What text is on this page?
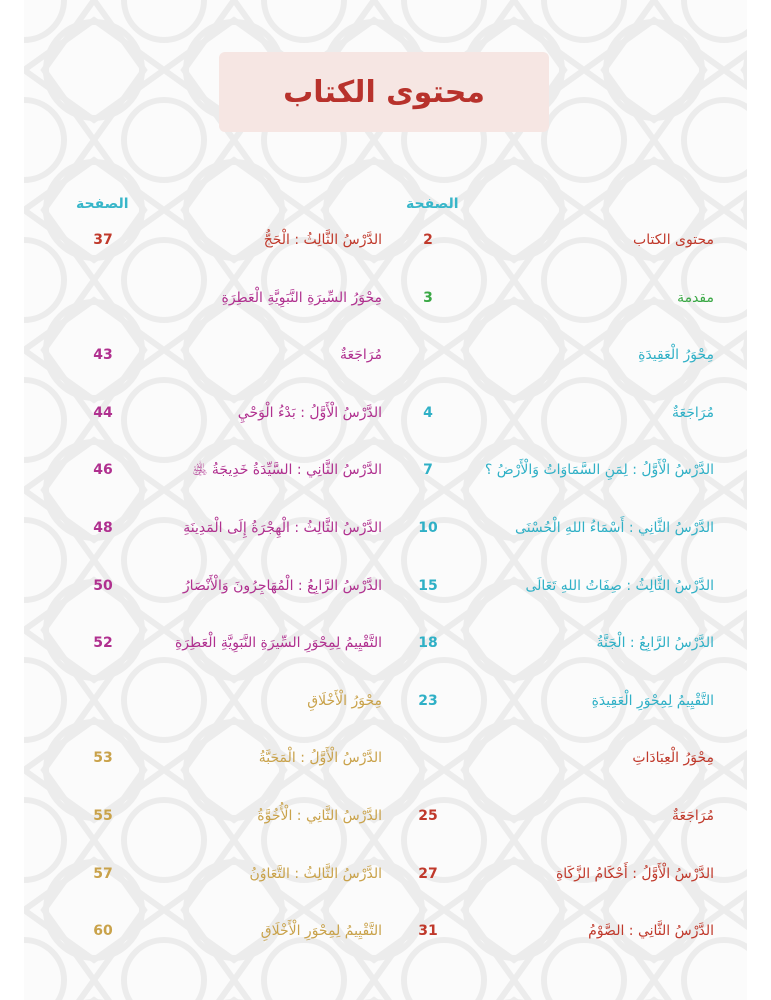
محتوى الكتاب
الصفحة
الصفحة
محتوى الكتاب
2
مقدمة
3
مِحْوَرُ الْعَقِيدَةِ
مُرَاجَعَةٌ
4
الدَّرْسُ الْأَوَّلُ : لِمَنِ السَّمَاوَاتُ وَالْأَرْضُ ؟
7
الدَّرْسُ الثَّانِي : أَسْمَاءُ اللهِ الْحُسْنَى
10
الدَّرْسُ الثَّالِثُ : صِفَاتُ اللهِ تَعَالَى
15
الدَّرْسُ الرَّابِعُ : الْجَنَّةُ
18
التَّقْيِيمُ لِمِحْوَرِ الْعَقِيدَةِ
23
مِحْوَرُ الْعِبَادَاتِ
مُرَاجَعَةٌ
25
الدَّرْسُ الْأَوَّلُ : أَحْكَامُ الزَّكَاةِ
27
الدَّرْسُ الثَّانِي : الصَّوْمُ
31
الدَّرْسُ الثَّالِثُ : الْحَجُّ
37
مِحْوَرُ السِّيرَةِ النَّبَوِيَّةِ الْعَطِرَةِ
مُرَاجَعَةٌ
43
الدَّرْسُ الْأَوَّلُ : بَدْءُ الْوَحْيِ
44
الدَّرْسُ الثَّانِي : السَّيِّدَةُ خَدِيجَةُ ﵁
46
الدَّرْسُ الثَّالِثُ : الْهِجْرَةُ إِلَى الْمَدِينَةِ
48
الدَّرْسُ الرَّابِعُ : الْمُهَاجِرُونَ وَالْأَنْصَارُ
50
التَّقْيِيمُ لِمِحْوَرِ السِّيرَةِ النَّبَوِيَّةِ الْعَطِرَةِ
52
مِحْوَرُ الْأَخْلَاقِ
الدَّرْسُ الْأَوَّلُ : الْمَحَبَّةُ
53
الدَّرْسُ الثَّانِي : الْأُخُوَّةُ
55
الدَّرْسُ الثَّالِثُ : التَّعَاوُنُ
57
التَّقْيِيمُ لِمِحْوَرِ الْأَخْلَاقِ
60
